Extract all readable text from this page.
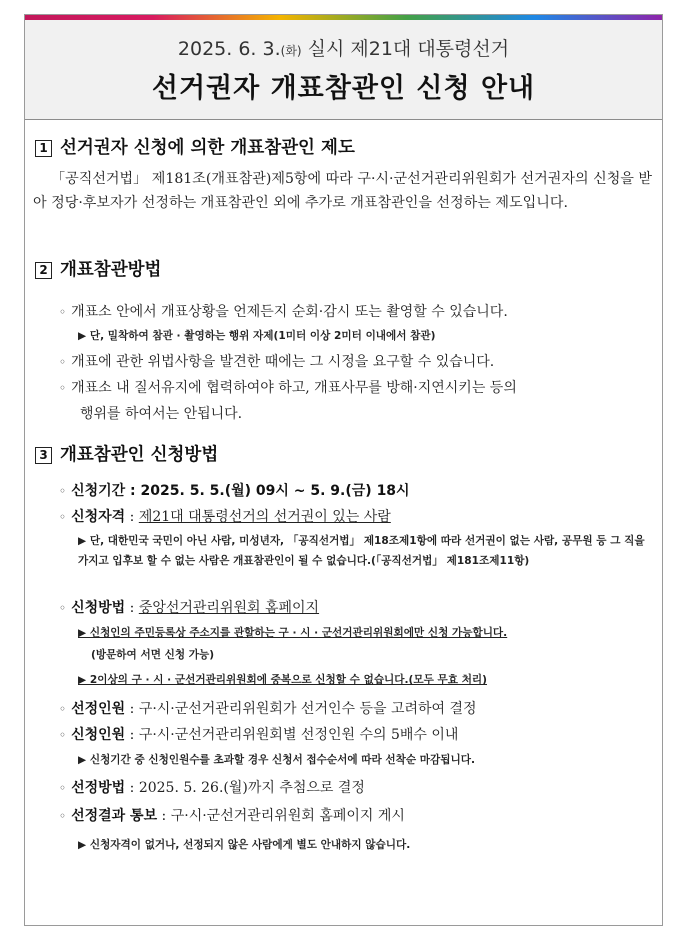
2025. 6. 3.(화) 실시 제21대 대통령선거
선거권자 개표참관인 신청 안내
1 선거권자 신청에 의한 개표참관인 제도
「공직선거법」 제181조(개표참관)제5항에 따라 구·시·군선거관리위원회가 선거권자의 신청을 받아 정당·후보자가 선정하는 개표참관인 외에 추가로 개표참관인을 선정하는 제도입니다.
2 개표참관방법
◦ 개표소 안에서 개표상황을 언제든지 순회·감시 또는 촬영할 수 있습니다.
▶ 단, 밀착하여 참관 · 촬영하는 행위 자제(1미터 이상 2미터 이내에서 참관)
◦ 개표에 관한 위법사항을 발견한 때에는 그 시정을 요구할 수 있습니다.
◦ 개표소 내 질서유지에 협력하여야 하고, 개표사무를 방해·지연시키는 등의
행위를 하여서는 안됩니다.
3 개표참관인 신청방법
◦ 신청기간 : 2025. 5. 5.(월) 09시 ~ 5. 9.(금) 18시
◦ 신청자격 : 제21대 대통령선거의 선거권이 있는 사람
▶ 단, 대한민국 국민이 아닌 사람, 미성년자, 「공직선거법」 제18조제1항에 따라 선거권이 없는 사람, 공무원 등 그 직을 가지고 입후보 할 수 없는 사람은 개표참관인이 될 수 없습니다.(「공직선거법」 제181조제11항)
◦ 신청방법 : 중앙선거관리위원회 홈페이지
▶ 신청인의 주민등록상 주소지를 관할하는 구 · 시 · 군선거관리위원회에만 신청 가능합니다.
(방문하여 서면 신청 가능)
▶ 2이상의 구 · 시 · 군선거관리위원회에 중복으로 신청할 수 없습니다.(모두 무효 처리)
◦ 선정인원 : 구·시·군선거관리위원회가 선거인수 등을 고려하여 결정
◦ 신청인원 : 구·시·군선거관리위원회별 선정인원 수의 5배수 이내
▶ 신청기간 중 신청인원수를 초과할 경우 신청서 접수순서에 따라 선착순 마감됩니다.
◦ 선정방법 : 2025. 5. 26.(월)까지 추첨으로 결정
◦ 선정결과 통보 : 구·시·군선거관리위원회 홈페이지 게시
▶ 신청자격이 없거나, 선정되지 않은 사람에게 별도 안내하지 않습니다.
